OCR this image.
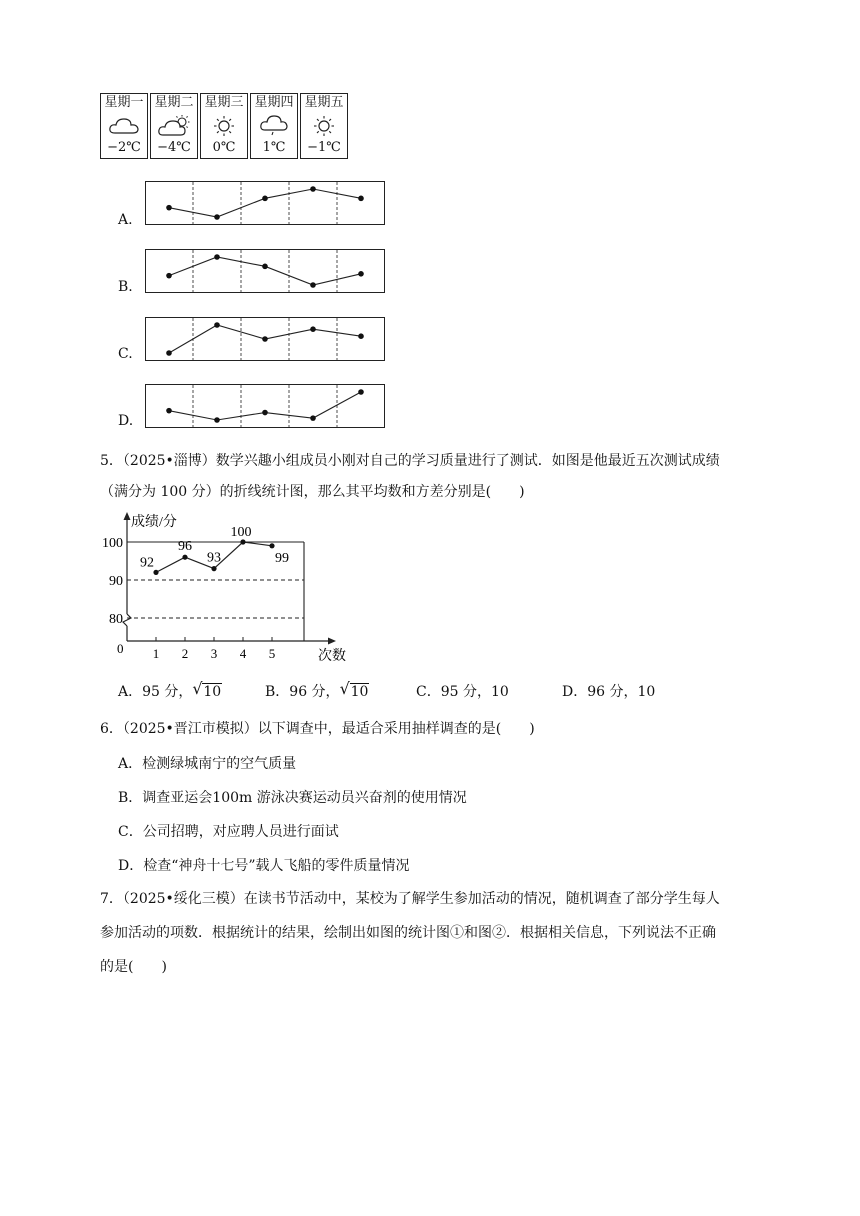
星期一
−2℃
星期二
−4℃
星期三
0℃
星期四
1℃
星期五
−1℃
A.
B.
C.
D.
5．（2025•淄博）数学兴趣小组成员小刚对自己的学习质量进行了测试．如图是他最近五次测试成绩
（满分为 100 分）的折线统计图，那么其平均数和方差分别是(　　)
成绩/分
次数
0
80
90
100
1 2 3 4 5
92
96
93
100
99
A．95 分， √ 10	B．96 分， √ 10	C．95 分，10	D．96 分，10
6．（2025•晋江市模拟）以下调查中，最适合采用抽样调查的是(　　)
A．检测绿城南宁的空气质量
B．调查亚运会100m 游泳决赛运动员兴奋剂的使用情况
C．公司招聘，对应聘人员进行面试
D．检查“神舟十七号”载人飞船的零件质量情况
7．（2025•绥化三模）在读书节活动中，某校为了解学生参加活动的情况，随机调查了部分学生每人
参加活动的项数．根据统计的结果，绘制出如图的统计图①和图②．根据相关信息，下列说法不正确
的是(　　)
